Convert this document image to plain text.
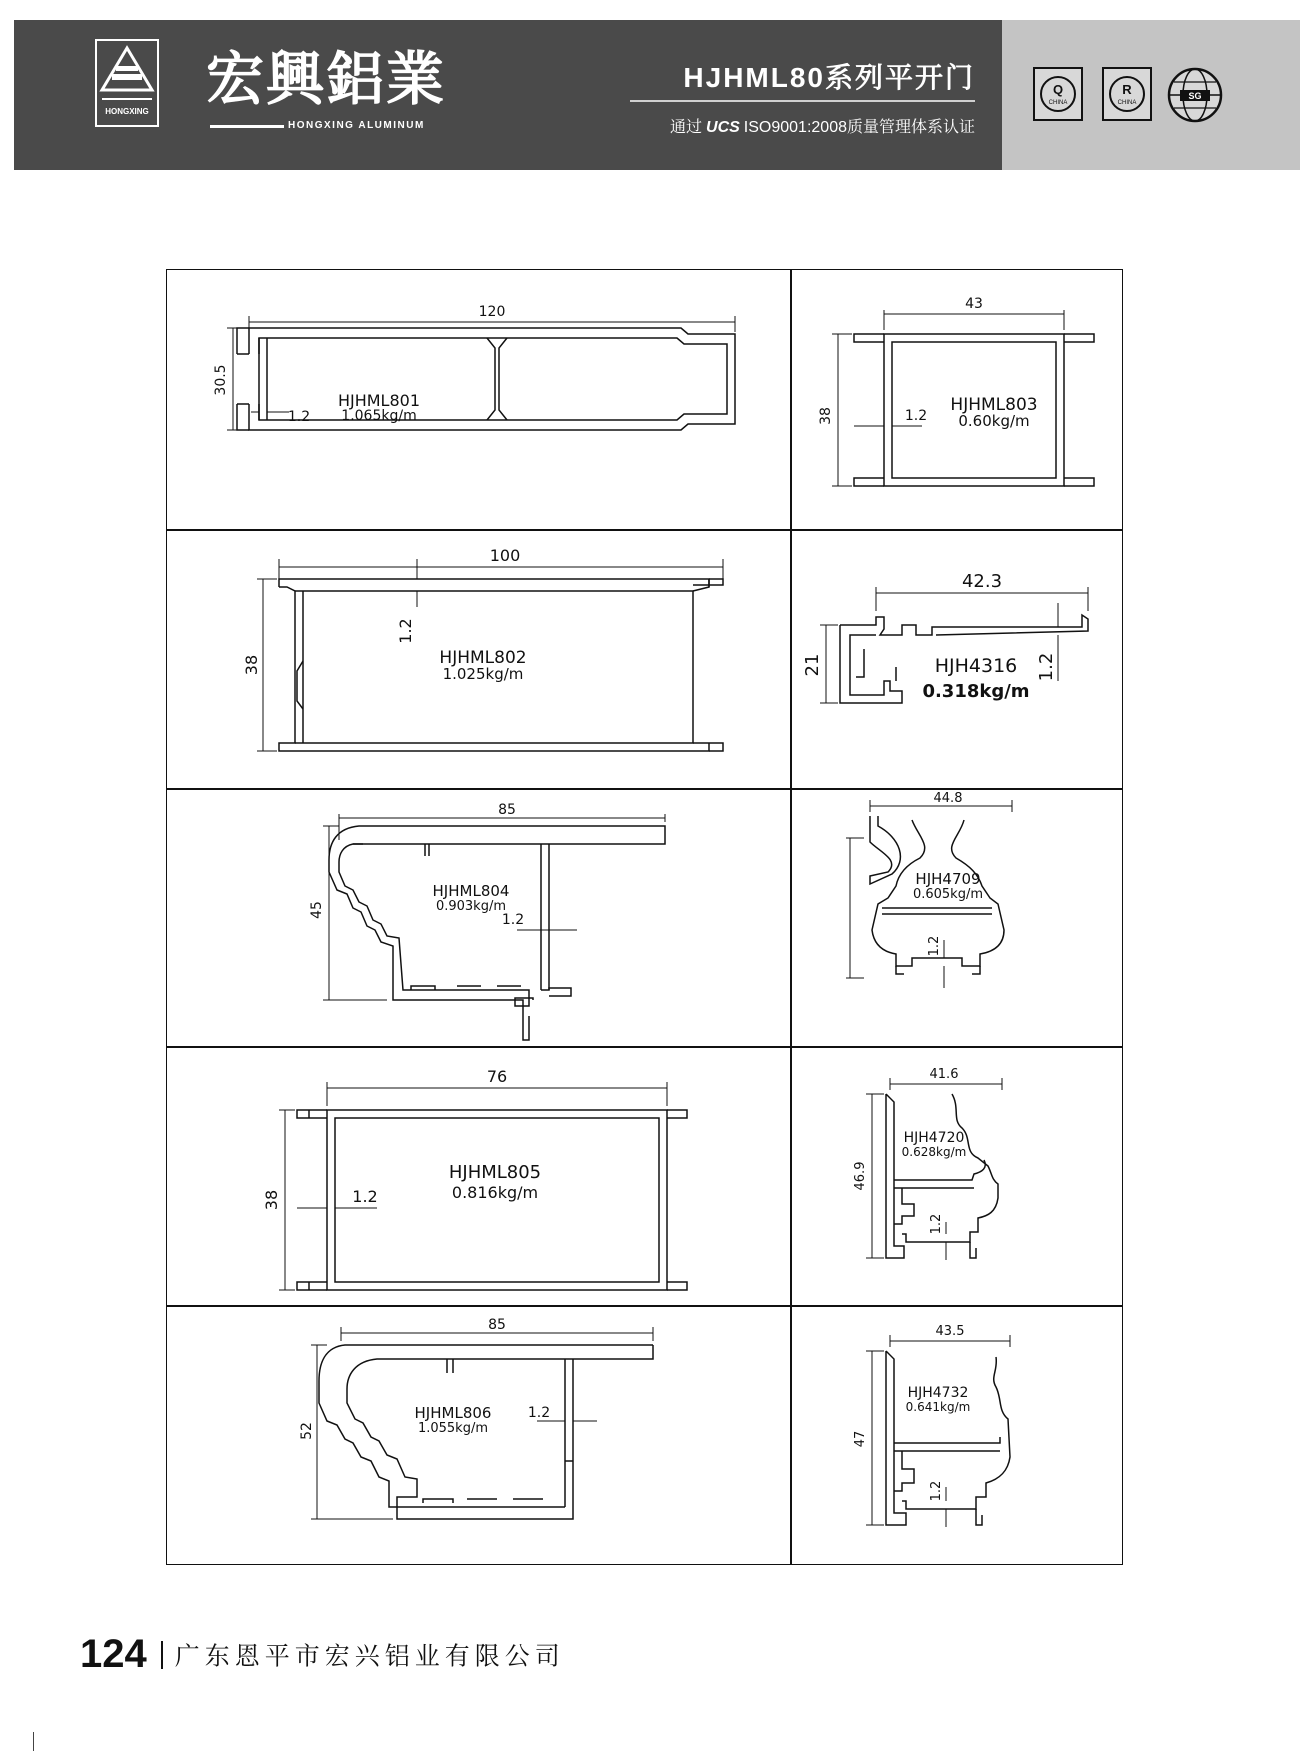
HONGXING 宏興鋁業
HONGXING ALUMINUM
HJHML80系列平开门
通过 UCS ISO9001:2008质量管理体系认证
Q
CHINA
R
CHINA
SG
120
30.5
1.2
HJHML801
1.065kg/m
43
38	1.2
HJHML803
0.60kg/m
100
38
1.2
HJHML802
1.025kg/m
42.3
21	1.2
HJH4316
0.318kg/m
85
45
1.2
HJHML804
0.903kg/m
44.8
1.2
HJH4709
0.605kg/m
76
38	1.2
HJHML805
0.816kg/m
41.6
46.9
1.2
HJH4720
0.628kg/m
85
52
1.2
HJHML806
1.055kg/m
43.5
47
1.2
HJH4732
0.641kg/m
124 广东恩平市宏兴铝业有限公司
